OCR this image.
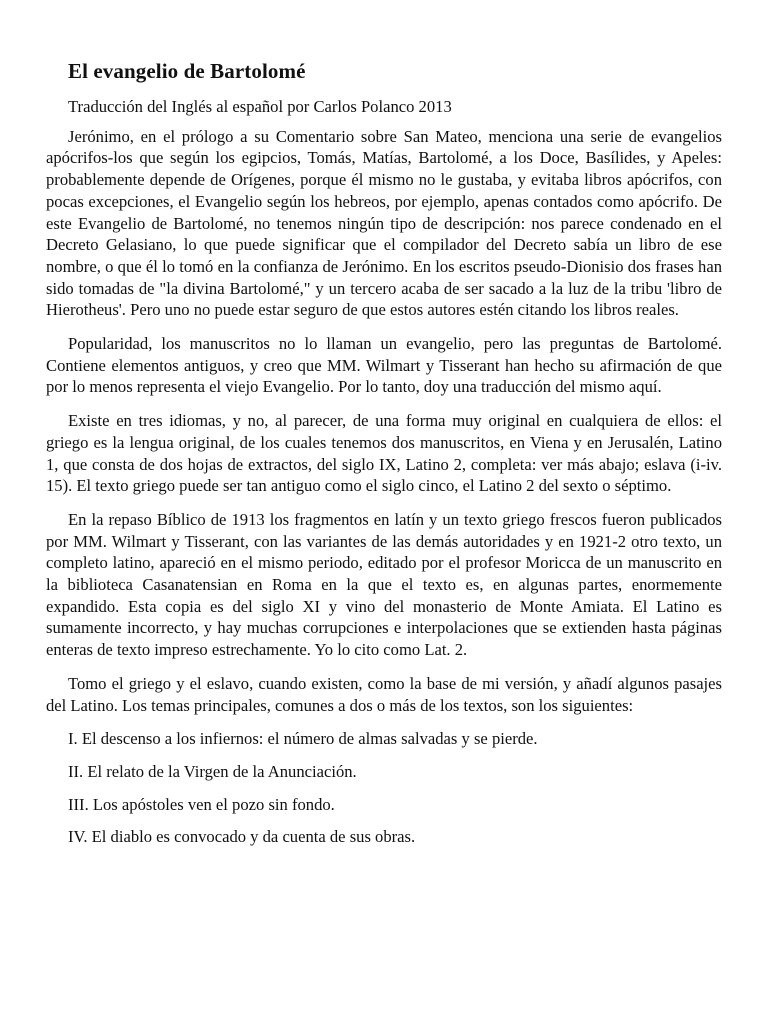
El evangelio de Bartolomé

Traducción del Inglés al español por Carlos Polanco 2013

Jerónimo, en el prólogo a su Comentario sobre San Mateo, menciona una serie de evangelios apócrifos-los que según los egipcios, Tomás, Matías, Bartolomé, a los Doce, Basílides, y Apeles: probablemente depende de Orígenes, porque él mismo no le gustaba, y evitaba libros apócrifos, con pocas excepciones, el Evangelio según los hebreos, por ejemplo, apenas contados como apócrifo. De este Evangelio de Bartolomé, no tenemos ningún tipo de descripción: nos parece condenado en el Decreto Gelasiano, lo que puede significar que el compilador del Decreto sabía un libro de ese nombre, o que él lo tomó en la confianza de Jerónimo. En los escritos pseudo-Dionisio dos frases han sido tomadas de "la divina Bartolomé," y un tercero acaba de ser sacado a la luz de la tribu 'libro de Hierotheus'. Pero uno no puede estar seguro de que estos autores estén citando los libros reales.

Popularidad, los manuscritos no lo llaman un evangelio, pero las preguntas de Bartolomé. Contiene elementos antiguos, y creo que MM. Wilmart y Tisserant han hecho su afirmación de que por lo menos representa el viejo Evangelio. Por lo tanto, doy una traducción del mismo aquí.

Existe en tres idiomas, y no, al parecer, de una forma muy original en cualquiera de ellos: el griego es la lengua original, de los cuales tenemos dos manuscritos, en Viena y en Jerusalén, Latino 1, que consta de dos hojas de extractos, del siglo IX, Latino 2, completa: ver más abajo; eslava (i-iv. 15). El texto griego puede ser tan antiguo como el siglo cinco, el Latino 2 del sexto o séptimo.

En la repaso Bíblico de 1913 los fragmentos en latín y un texto griego frescos fueron publicados por MM. Wilmart y Tisserant, con las variantes de las demás autoridades y en 1921-2 otro texto, un completo latino, apareció en el mismo periodo, editado por el profesor Moricca de un manuscrito en la biblioteca Casanatensian en Roma en la que el texto es, en algunas partes, enormemente expandido. Esta copia es del siglo XI y vino del monasterio de Monte Amiata. El Latino es sumamente incorrecto, y hay muchas corrupciones e interpolaciones que se extienden hasta páginas enteras de texto impreso estrechamente. Yo lo cito como Lat. 2.

Tomo el griego y el eslavo, cuando existen, como la base de mi versión, y añadí algunos pasajes del Latino. Los temas principales, comunes a dos o más de los textos, son los siguientes:

I. El descenso a los infiernos: el número de almas salvadas y se pierde.

II. El relato de la Virgen de la Anunciación.

III. Los apóstoles ven el pozo sin fondo.

IV. El diablo es convocado y da cuenta de sus obras.
